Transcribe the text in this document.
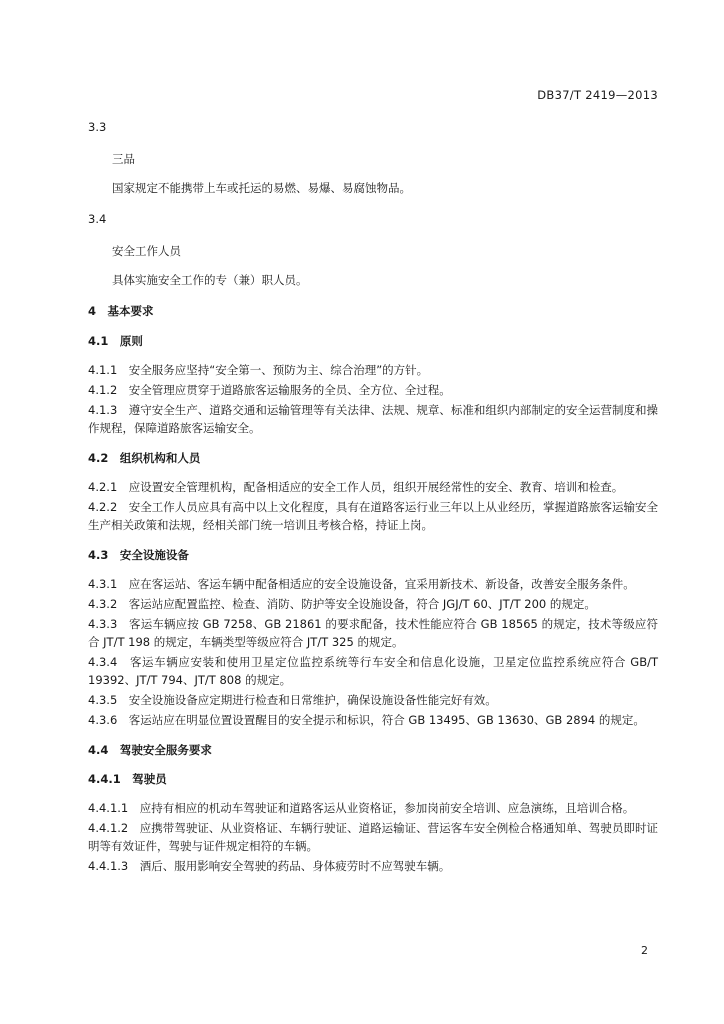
DB37/T 2419—2013
3.3
三品
国家规定不能携带上车或托运的易燃、易爆、易腐蚀物品。
3.4
安全工作人员
具体实施安全工作的专（兼）职人员。
4　基本要求
4.1　原则
4.1.1　安全服务应坚持“安全第一、预防为主、综合治理”的方针。
4.1.2　安全管理应贯穿于道路旅客运输服务的全员、全方位、全过程。
4.1.3　遵守安全生产、道路交通和运输管理等有关法律、法规、规章、标准和组织内部制定的安全运营制度和操作规程，保障道路旅客运输安全。
4.2　组织机构和人员
4.2.1　应设置安全管理机构，配备相适应的安全工作人员，组织开展经常性的安全、教育、培训和检查。
4.2.2　安全工作人员应具有高中以上文化程度，具有在道路客运行业三年以上从业经历，掌握道路旅客运输安全生产相关政策和法规，经相关部门统一培训且考核合格，持证上岗。
4.3　安全设施设备
4.3.1　应在客运站、客运车辆中配备相适应的安全设施设备，宜采用新技术、新设备，改善安全服务条件。
4.3.2　客运站应配置监控、检查、消防、防护等安全设施设备，符合 JGJ/T 60、JT/T 200 的规定。
4.3.3　客运车辆应按 GB 7258、GB 21861 的要求配备，技术性能应符合 GB 18565 的规定，技术等级应符合 JT/T 198 的规定，车辆类型等级应符合 JT/T 325 的规定。
4.3.4　客运车辆应安装和使用卫星定位监控系统等行车安全和信息化设施，卫星定位监控系统应符合 GB/T 19392、JT/T 794、JT/T 808 的规定。
4.3.5　安全设施设备应定期进行检查和日常维护，确保设施设备性能完好有效。
4.3.6　客运站应在明显位置设置醒目的安全提示和标识，符合 GB 13495、GB 13630、GB 2894 的规定。
4.4　驾驶安全服务要求
4.4.1　驾驶员
4.4.1.1　应持有相应的机动车驾驶证和道路客运从业资格证，参加岗前安全培训、应急演练，且培训合格。
4.4.1.2　应携带驾驶证、从业资格证、车辆行驶证、道路运输证、营运客车安全例检合格通知单、驾驶员即时证明等有效证件，驾驶与证件规定相符的车辆。
4.4.1.3　酒后、服用影响安全驾驶的药品、身体疲劳时不应驾驶车辆。
2
